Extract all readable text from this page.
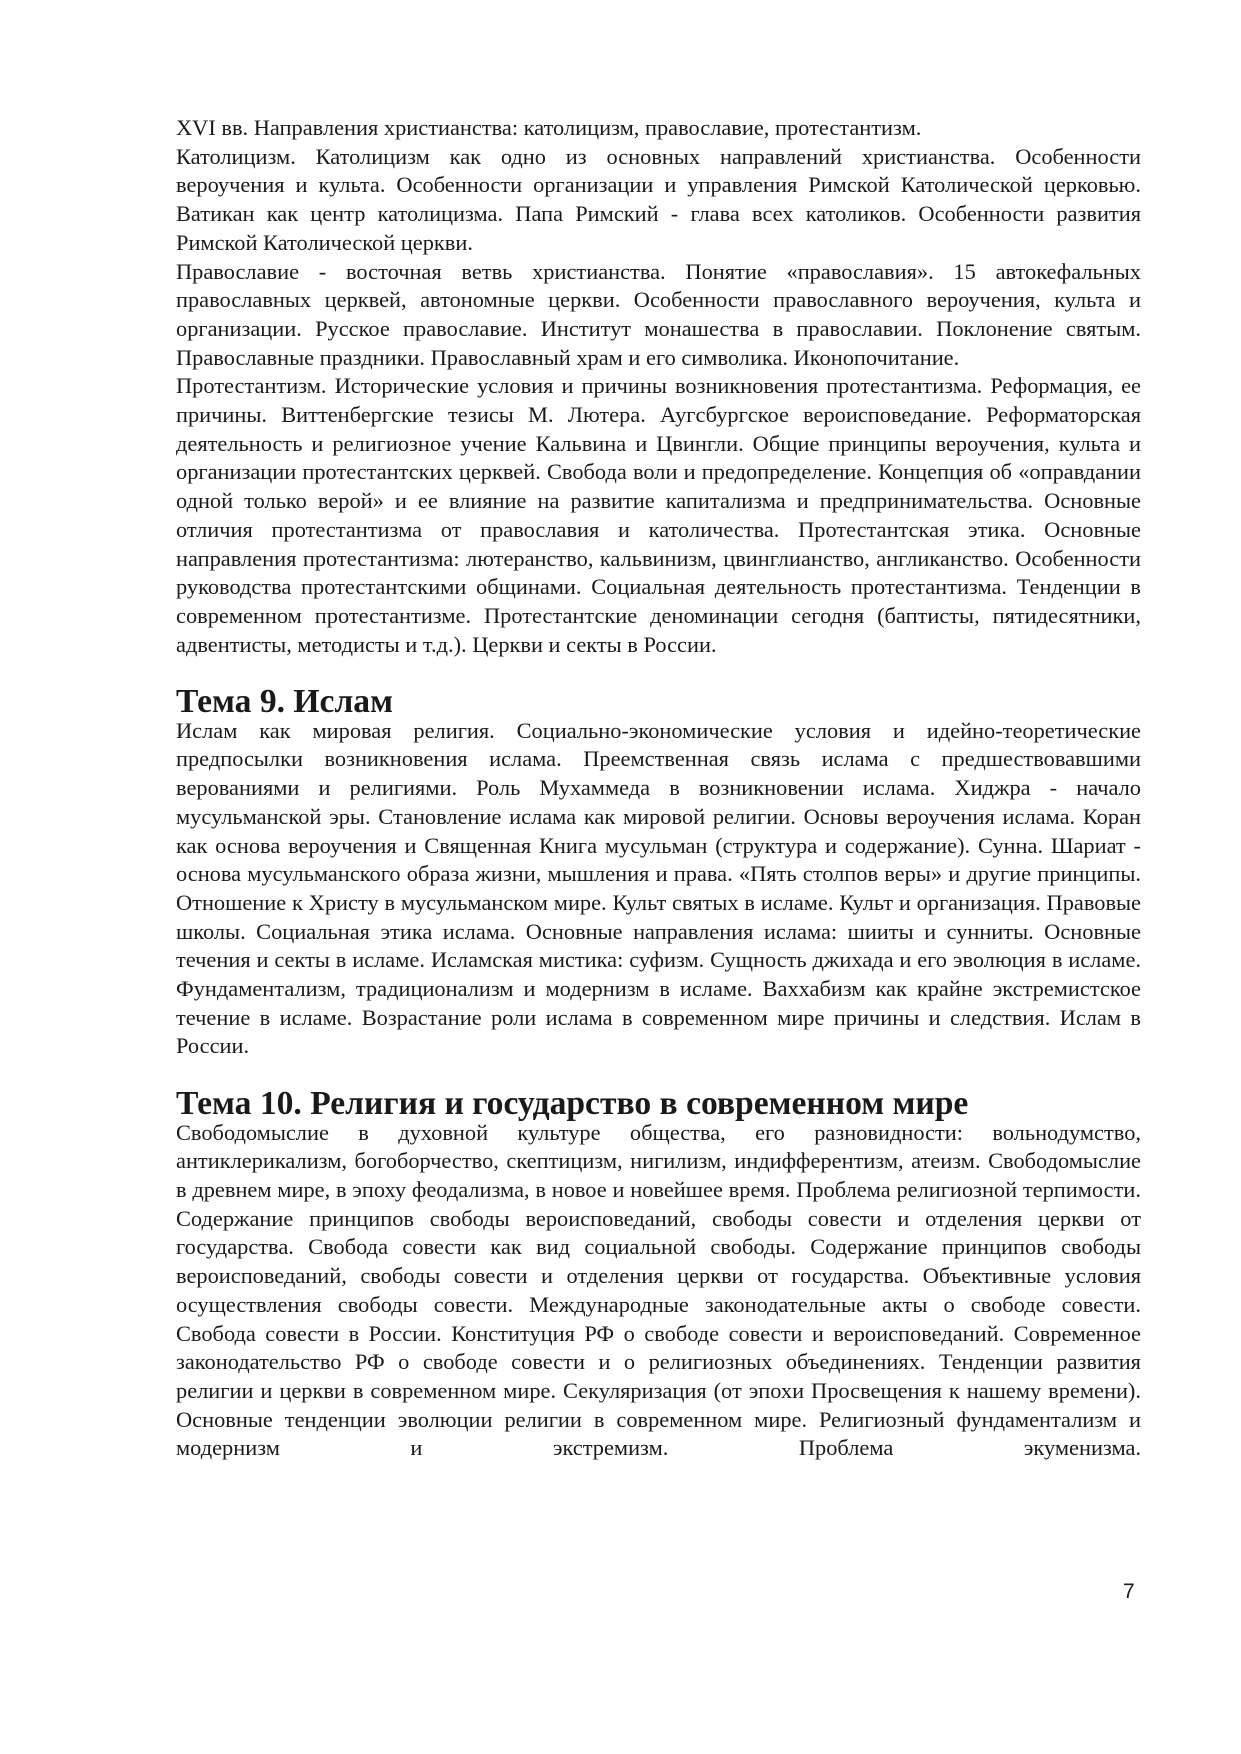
XVI вв. Направления христианства: католицизм, православие, протестантизм.

Католицизм. Католицизм как одно из основных направлений христианства. Особенности вероучения и культа. Особенности организации и управления Римской Католической церковью. Ватикан как центр католицизма. Папа Римский - глава всех католиков. Особенности развития Римской Католической церкви.

Православие - восточная ветвь христианства. Понятие «православия». 15 автокефальных православных церквей, автономные церкви. Особенности православного вероучения, культа и организации. Русское православие. Институт монашества в православии. Поклонение святым. Православные праздники. Православный храм и его символика. Иконопочитание.

Протестантизм. Исторические условия и причины возникновения протестантизма. Реформация, ее причины. Виттенбергские тезисы М. Лютера. Аугсбургское вероисповедание. Реформаторская деятельность и религиозное учение Кальвина и Цвингли. Общие принципы вероучения, культа и организации протестантских церквей. Свобода воли и предопределение. Концепция об «оправдании одной только верой» и ее влияние на развитие капитализма и предпринимательства. Основные отличия протестантизма от православия и католичества. Протестантская этика. Основные направления протестантизма: лютеранство, кальвинизм, цвинглианство, англиканство. Особенности руководства протестантскими общинами. Социальная деятельность протестантизма. Тенденции в современном протестантизме. Протестантские деноминации сегодня (баптисты, пятидесятники, адвентисты, методисты и т.д.). Церкви и секты в России.

Тема 9. Ислам

Ислам как мировая религия. Социально-экономические условия и идейно-теоретические предпосылки возникновения ислама. Преемственная связь ислама с предшествовавшими верованиями и религиями. Роль Мухаммеда в возникновении ислама. Хиджра - начало мусульманской эры. Становление ислама как мировой религии. Основы вероучения ислама. Коран как основа вероучения и Священная Книга мусульман (структура и содержание). Сунна. Шариат - основа мусульманского образа жизни, мышления и права. «Пять столпов веры» и другие принципы. Отношение к Христу в мусульманском мире. Культ святых в исламе. Культ и организация. Правовые школы. Социальная этика ислама. Основные направления ислама: шииты и сунниты. Основные течения и секты в исламе. Исламская мистика: суфизм. Сущность джихада и его эволюция в исламе. Фундаментализм, традиционализм и модернизм в исламе. Ваххабизм как крайне экстремистское течение в исламе. Возрастание роли ислама в современном мире причины и следствия. Ислам в России.

Тема 10. Религия и государство в современном мире

Свободомыслие в духовной культуре общества, его разновидности: вольнодумство, антиклерикализм, богоборчество, скептицизм, нигилизм, индифферентизм, атеизм. Свободомыслие в древнем мире, в эпоху феодализма, в новое и новейшее время. Проблема религиозной терпимости. Содержание принципов свободы вероисповеданий, свободы совести и отделения церкви от государства. Свобода совести как вид социальной свободы. Содержание принципов свободы вероисповеданий, свободы совести и отделения церкви от государства. Объективные условия осуществления свободы совести. Международные законодательные акты о свободе совести. Свобода совести в России. Конституция РФ о свободе совести и вероисповеданий. Современное законодательство РФ о свободе совести и о религиозных объединениях. Тенденции развития религии и церкви в современном мире. Секуляризация (от эпохи Просвещения к нашему времени). Основные тенденции эволюции религии в современном мире. Религиозный фундаментализм и модернизм и экстремизм. Проблема экуменизма.

7
